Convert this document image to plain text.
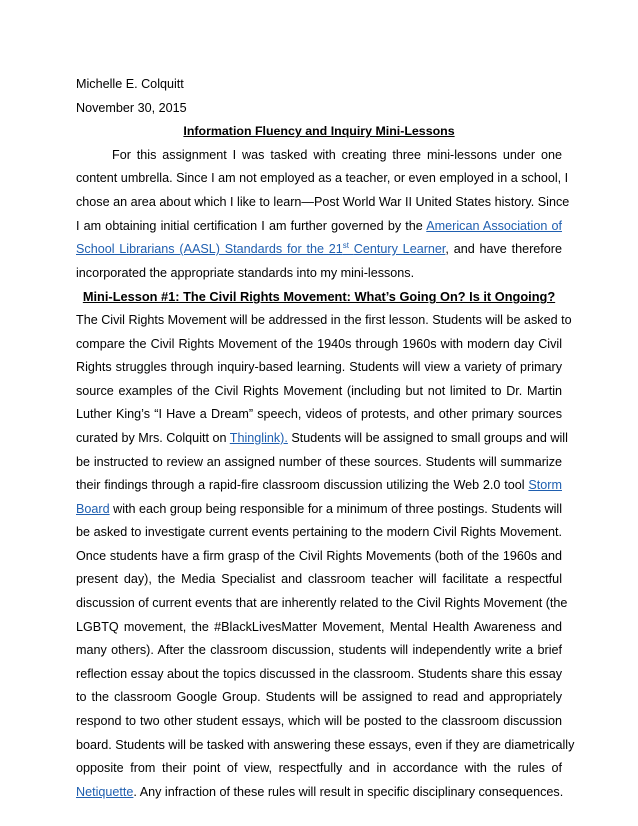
Michelle E. Colquitt
November 30, 2015
Information Fluency and Inquiry Mini-Lessons
For this assignment I was tasked with creating three mini-lessons under one
content umbrella. Since I am not employed as a teacher, or even employed in a school, I
chose an area about which I like to learn—Post World War II United States history. Since
I am obtaining initial certification I am further governed by the American Association of
School Librarians (AASL) Standards for the 21st Century Learner, and have therefore
incorporated the appropriate standards into my mini-lessons.
Mini-Lesson #1: The Civil Rights Movement: What’s Going On? Is it Ongoing?
The Civil Rights Movement will be addressed in the first lesson. Students will be asked to
compare the Civil Rights Movement of the 1940s through 1960s with modern day Civil
Rights struggles through inquiry-based learning. Students will view a variety of primary
source examples of the Civil Rights Movement (including but not limited to Dr. Martin
Luther King’s “I Have a Dream” speech, videos of protests, and other primary sources
curated by Mrs. Colquitt on Thinglink). Students will be assigned to small groups and will
be instructed to review an assigned number of these sources. Students will summarize
their findings through a rapid-fire classroom discussion utilizing the Web 2.0 tool Storm
Board with each group being responsible for a minimum of three postings. Students will
be asked to investigate current events pertaining to the modern Civil Rights Movement.
Once students have a firm grasp of the Civil Rights Movements (both of the 1960s and
present day), the Media Specialist and classroom teacher will facilitate a respectful
discussion of current events that are inherently related to the Civil Rights Movement (the
LGBTQ movement, the #BlackLivesMatter Movement, Mental Health Awareness and
many others). After the classroom discussion, students will independently write a brief
reflection essay about the topics discussed in the classroom. Students share this essay
to the classroom Google Group. Students will be assigned to read and appropriately
respond to two other student essays, which will be posted to the classroom discussion
board. Students will be tasked with answering these essays, even if they are diametrically
opposite from their point of view, respectfully and in accordance with the rules of
Netiquette. Any infraction of these rules will result in specific disciplinary consequences.
